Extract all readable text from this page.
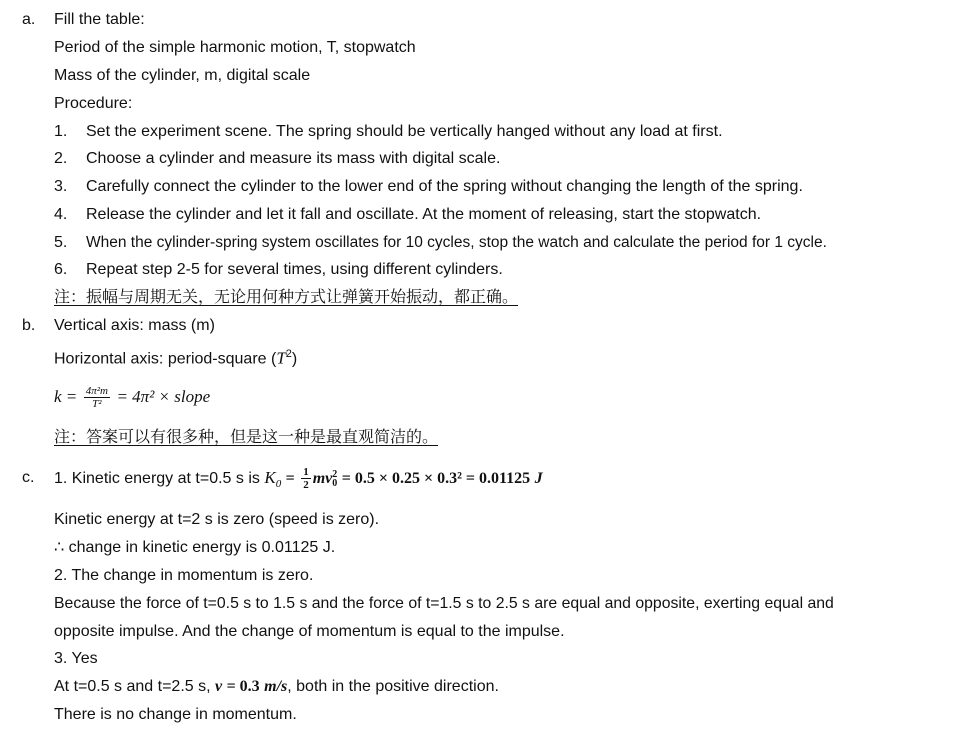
a. Fill the table:
Period of the simple harmonic motion, T, stopwatch
Mass of the cylinder, m, digital scale
Procedure:
1. Set the experiment scene. The spring should be vertically hanged without any load at first.
2. Choose a cylinder and measure its mass with digital scale.
3. Carefully connect the cylinder to the lower end of the spring without changing the length of the spring.
4. Release the cylinder and let it fall and oscillate. At the moment of releasing, start the stopwatch.
5. When the cylinder-spring system oscillates for 10 cycles, stop the watch and calculate the period for 1 cycle.
6. Repeat step 2-5 for several times, using different cylinders.
注：振幅与周期无关，无论用何种方式让弹簧开始振动，都正确。
b. Vertical axis: mass (m)
Horizontal axis: period-square $(T^2)$
$k = \frac{\text{4π²m}}{\text{T²}} = 4\pi^2$ × slope
注：答案可以有很多种，但是这一种是最直观简洁的。
c. 1. Kinetic energy at t=0.5 s is $K_0 = \frac{1}{2}$ mv 2
0 = 0.5 × 0.25 × 0.3² = 0.01125 J
Kinetic energy at t=2 s is zero (speed is zero).
∴ change in kinetic energy is 0.01125 J.
2. The change in momentum is zero.
Because the force of t=0.5 s to 1.5 s and the force of t=1.5 s to 2.5 s are equal and opposite, exerting equal and
opposite impulse. And the change of momentum is equal to the impulse.
3. Yes
At t=0.5 s and t=2.5 s, v = 0.3 m/s, both in the positive direction.
There is no change in momentum.
